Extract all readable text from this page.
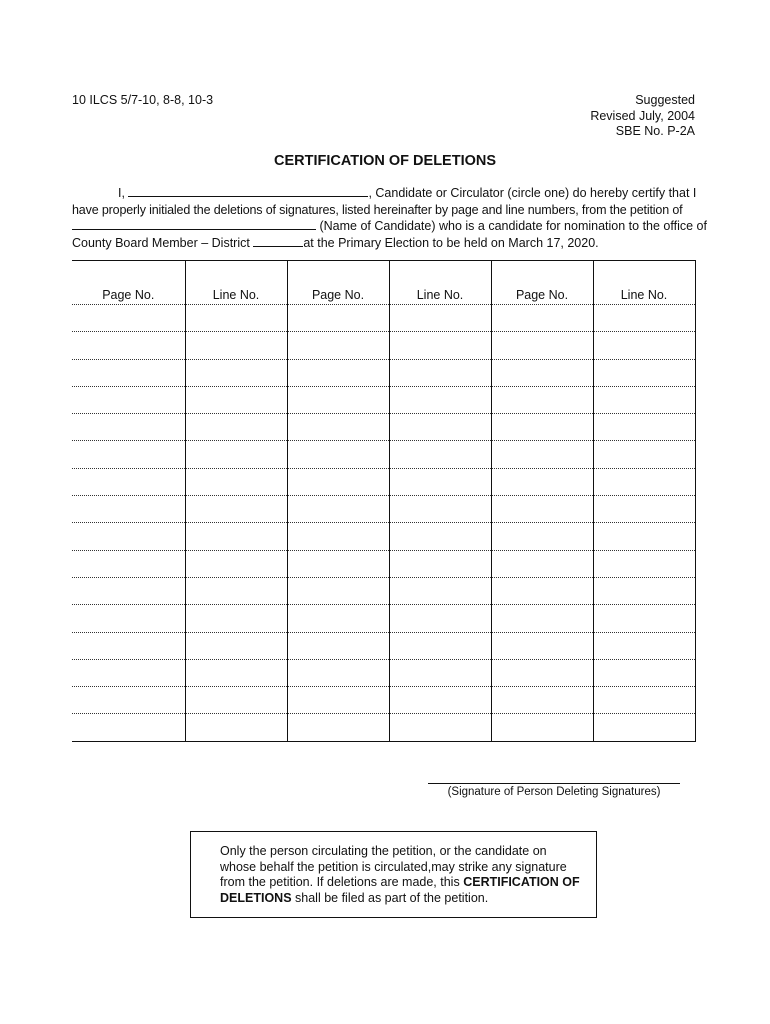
10 ILCS 5/7-10, 8-8, 10-3	Suggested
Revised July, 2004
SBE No. P-2A
CERTIFICATION OF DELETIONS
I,	, Candidate or Circulator (circle one) do hereby certify that I
have properly initialed the deletions of signatures, listed hereinafter by page and line numbers, from the petition of
(Name of Candidate) who is a candidate for nomination to the office of
County Board Member – District	at the Primary Election to be held on March 17, 2020.
Page No.	Line No.	Page No.	Line No.	Page No.	Line No.

(Signature of Person Deleting Signatures)
Only the person circulating the petition, or the candidate on whose behalf the petition is circulated,may strike any signature from the petition. If deletions are made, this CERTIFICATION OF DELETIONS shall be filed as part of the petition.
